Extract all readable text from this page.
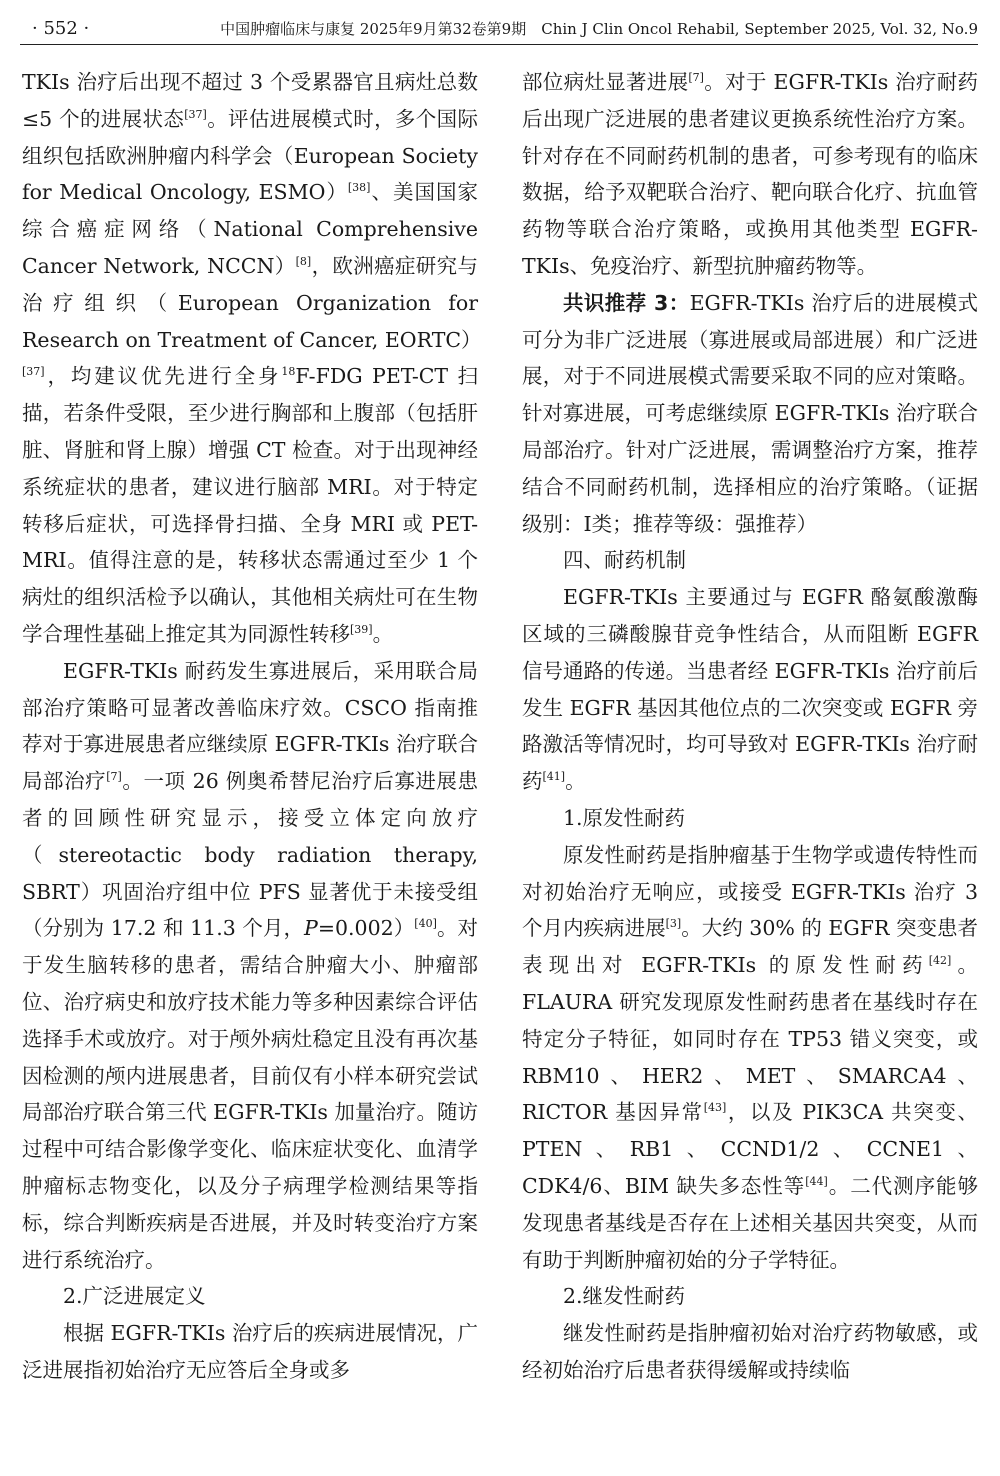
· 552 ·	中国肿瘤临床与康复 2025年9月第32卷第9期　Chin J Clin Oncol Rehabil, September 2025, Vol. 32, No.9

TKIs 治疗后出现不超过 3 个受累器官且病灶总数≤5 个的进展状态[37]。评估进展模式时，多个国际组织包括欧洲肿瘤内科学会（European Society for Medical Oncology, ESMO）[38]、美国国家综合癌症网络（National Comprehensive Cancer Network, NCCN）[8]，欧洲癌症研究与治疗组织（European Organization for Research on Treatment of Cancer, EORTC）[37]，均建议优先进行全身$^{18}$F-FDG PET-CT 扫描，若条件受限，至少进行胸部和上腹部（包括肝脏、肾脏和肾上腺）增强 CT 检查。对于出现神经系统症状的患者，建议进行脑部 MRI。对于特定转移后症状，可选择骨扫描、全身 MRI 或 PET-MRI。值得注意的是，转移状态需通过至少 1 个病灶的组织活检予以确认，其他相关病灶可在生物学合理性基础上推定其为同源性转移[39]。

EGFR-TKIs 耐药发生寡进展后，采用联合局部治疗策略可显著改善临床疗效。CSCO 指南推荐对于寡进展患者应继续原 EGFR-TKIs 治疗联合局部治疗[7]。一项 26 例奥希替尼治疗后寡进展患者的回顾性研究显示，接受立体定向放疗（stereotactic body radiation therapy, SBRT）巩固治疗组中位 PFS 显著优于未接受组（分别为 17.2 和 11.3 个月，P=0.002）[40]。对于发生脑转移的患者，需结合肿瘤大小、肿瘤部位、治疗病史和放疗技术能力等多种因素综合评估选择手术或放疗。对于颅外病灶稳定且没有再次基因检测的颅内进展患者，目前仅有小样本研究尝试局部治疗联合第三代 EGFR-TKIs 加量治疗。随访过程中可结合影像学变化、临床症状变化、血清学肿瘤标志物变化，以及分子病理学检测结果等指标，综合判断疾病是否进展，并及时转变治疗方案进行系统治疗。

2.广泛进展定义

根据 EGFR-TKIs 治疗后的疾病进展情况，广泛进展指初始治疗无应答后全身或多

部位病灶显著进展[7]。对于 EGFR-TKIs 治疗耐药后出现广泛进展的患者建议更换系统性治疗方案。针对存在不同耐药机制的患者，可参考现有的临床数据，给予双靶联合治疗、靶向联合化疗、抗血管药物等联合治疗策略，或换用其他类型 EGFR-TKIs、免疫治疗、新型抗肿瘤药物等。

共识推荐 3：EGFR-TKIs 治疗后的进展模式可分为非广泛进展（寡进展或局部进展）和广泛进展，对于不同进展模式需要采取不同的应对策略。针对寡进展，可考虑继续原 EGFR-TKIs 治疗联合局部治疗。针对广泛进展，需调整治疗方案，推荐结合不同耐药机制，选择相应的治疗策略。（证据级别：Ⅰ类；推荐等级：强推荐）

四、耐药机制

EGFR-TKIs 主要通过与 EGFR 酪氨酸激酶区域的三磷酸腺苷竞争性结合，从而阻断 EGFR 信号通路的传递。当患者经 EGFR-TKIs 治疗前后发生 EGFR 基因其他位点的二次突变或 EGFR 旁路激活等情况时，均可导致对 EGFR-TKIs 治疗耐药[41]。

1.原发性耐药

原发性耐药是指肿瘤基于生物学或遗传特性而对初始治疗无响应，或接受 EGFR-TKIs 治疗 3 个月内疾病进展[3]。大约 30% 的 EGFR 突变患者表现出对 EGFR-TKIs 的原发性耐药[42]。FLAURA 研究发现原发性耐药患者在基线时存在特定分子特征，如同时存在 TP53 错义突变，或 RBM10、HER2、MET、SMARCA4、RICTOR 基因异常[43]，以及 PIK3CA 共突变、PTEN、RB1、CCND1/2、CCNE1、CDK4/6、BIM 缺失多态性等[44]。二代测序能够发现患者基线是否存在上述相关基因共突变，从而有助于判断肿瘤初始的分子学特征。

2.继发性耐药

继发性耐药是指肿瘤初始对治疗药物敏感，或经初始治疗后患者获得缓解或持续临
